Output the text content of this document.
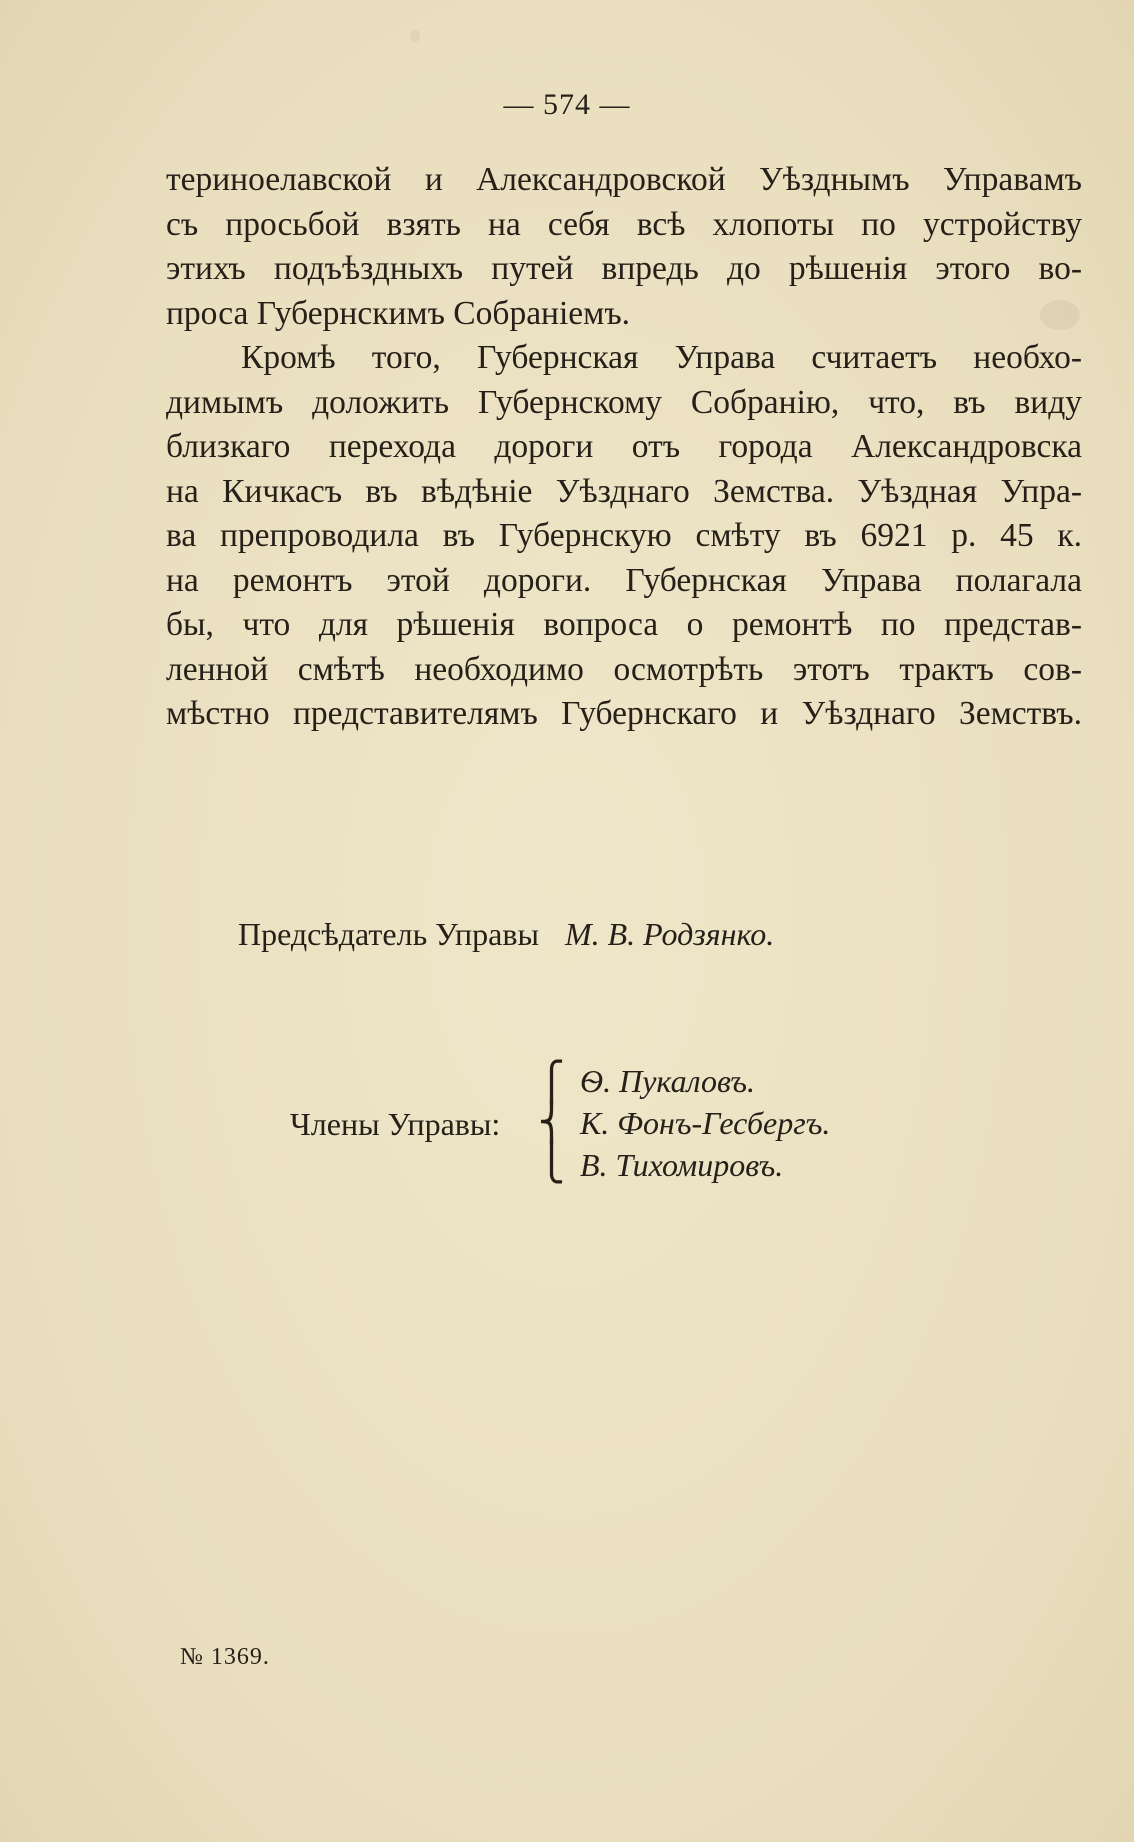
— 574 —
териноелавской и Александровской Уѣзднымъ Управамъ
съ просьбой взять на себя всѣ хлопоты по устройству
этихъ подъѣздныхъ путей впредь до рѣшенія этого во-
проса Губернскимъ Собраніемъ.
Кромѣ того, Губернская Управа считаетъ необхо-
димымъ доложить Губернскому Собранію, что, въ виду
близкаго перехода дороги отъ города Александровска
на Кичкасъ въ вѣдѣніе Уѣзднаго Земства. Уѣздная Упра-
ва препроводила въ Губернскую смѣту въ 6921 р. 45 к.
на ремонтъ этой дороги. Губернская Управа полагала
бы, что для рѣшенія вопроса о ремонтѣ по представ-
ленной смѣтѣ необходимо осмотрѣть этотъ трактъ сов-
мѣстно представителямъ Губернскаго и Уѣзднаго Земствъ.
Предсѣдатель Управы М. В. Родзянко.
Члены Управы:
⎧
⎨
⎩
Ѳ. Пукаловъ.
К. Фонъ-Гесбергъ.
В. Тихомировъ.
№ 1369.
